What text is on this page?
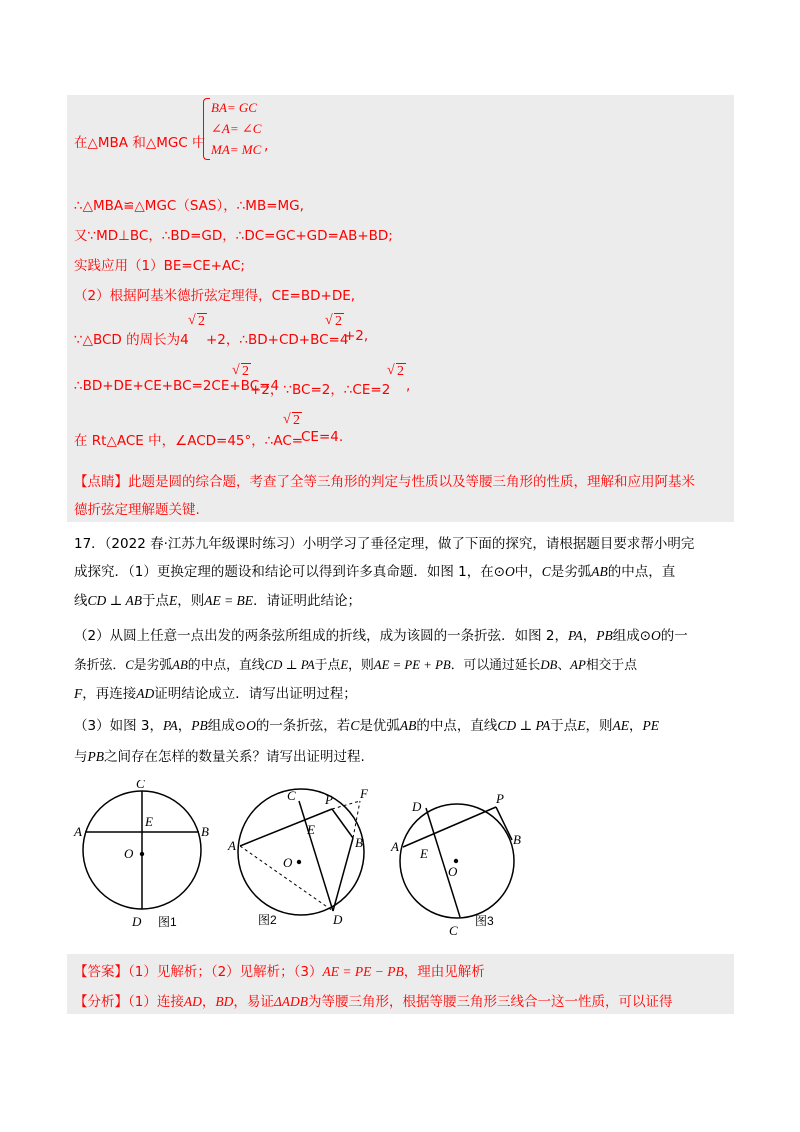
在△MBA 和△MGC 中
BA= GC
∠A= ∠C
MA= MC ,
∴△MBA≌△MGC（SAS），∴MB=MG,
又∵MD⊥BC，∴BD=GD，∴DC=GC+GD=AB+BD;
实践应用（1）BE=CE+AC;
（2）根据阿基米德折弦定理得，CE=BD+DE,
∵△BCD 的周长为4
√ 2
+2，∴BD+CD+BC=4
√ 2
+2,
∴BD+DE+CE+BC=2CE+BC=4
√ 2
+2，∵BC=2，∴CE=2
√ 2
,
在 Rt△ACE 中，∠ACD=45°，∴AC=
√ 2
CE=4.
【点睛】此题是圆的综合题，考查了全等三角形的判定与性质以及等腰三角形的性质，理解和应用阿基米
德折弦定理解题关键.
17．（2022 春·江苏九年级课时练习）小明学习了垂径定理，做了下面的探究，请根据题目要求帮小明完
成探究．（1）更换定理的题设和结论可以得到许多真命题．如图 1，在⊙O中，C是劣弧AB的中点，直
线CD ⊥ AB于点E，则AE = BE．请证明此结论；
（2）从圆上任意一点出发的两条弦所组成的折线，成为该圆的一条折弦．如图 2，PA，PB组成⊙O的一
条折弦．C是劣弧AB的中点，直线CD ⊥ PA于点E，则AE = PE + PB．可以通过延长DB、AP相交于点
F，再连接AD证明结论成立．请写出证明过程；
（3）如图 3，PA，PB组成⊙O的一条折弦，若C是优弧AB的中点，直线CD ⊥ PA于点E，则AE，PE
与PB之间存在怎样的数量关系？请写出证明过程.
C
A
E
B
O
D
C P F
E
A	B
O
D
D
P
A E
B
O
C
图1	图2	图3
【答案】（1）见解析；（2）见解析；（3）AE = PE − PB，理由见解析
【分析】（1）连接AD，BD，易证ΔADB为等腰三角形，根据等腰三角形三线合一这一性质，可以证得
